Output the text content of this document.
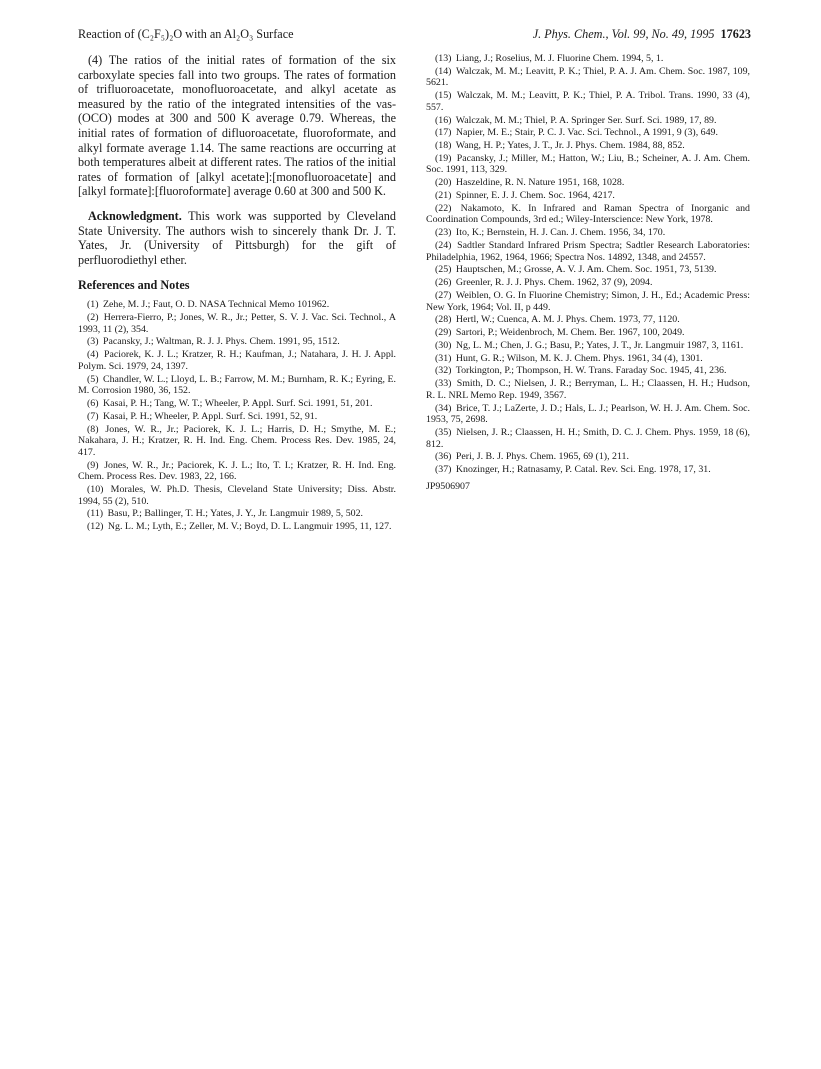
Reaction of (C₂F₅)₂O with an Al₂O₃ Surface	J. Phys. Chem., Vol. 99, No. 49, 1995 17623

(4) The ratios of the initial rates of formation of the six carboxylate species fall into two groups. The rates of formation of trifluoroacetate, monofluoroacetate, and alkyl acetate as measured by the ratio of the integrated intensities of the νas-(OCO) modes at 300 and 500 K average 0.79. Whereas, the initial rates of formation of difluoroacetate, fluoroformate, and alkyl formate average 1.14. The same reactions are occurring at both temperatures albeit at different rates. The ratios of the initial rates of formation of [alkyl acetate]:[monofluoroacetate] and [alkyl formate]:[fluoroformate] average 0.60 at 300 and 500 K.

Acknowledgment. This work was supported by Cleveland State University. The authors wish to sincerely thank Dr. J. T. Yates, Jr. (University of Pittsburgh) for the gift of perfluorodiethyl ether.

References and Notes

(1) Zehe, M. J.; Faut, O. D. NASA Technical Memo 101962.

(2) Herrera-Fierro, P.; Jones, W. R., Jr.; Petter, S. V. J. Vac. Sci. Technol., A 1993, 11 (2), 354.

(3) Pacansky, J.; Waltman, R. J. J. Phys. Chem. 1991, 95, 1512.

(4) Paciorek, K. J. L.; Kratzer, R. H.; Kaufman, J.; Natahara, J. H. J. Appl. Polym. Sci. 1979, 24, 1397.

(5) Chandler, W. L.; Lloyd, L. B.; Farrow, M. M.; Burnham, R. K.; Eyring, E. M. Corrosion 1980, 36, 152.

(6) Kasai, P. H.; Tang, W. T.; Wheeler, P. Appl. Surf. Sci. 1991, 51, 201.

(7) Kasai, P. H.; Wheeler, P. Appl. Surf. Sci. 1991, 52, 91.

(8) Jones, W. R., Jr.; Paciorek, K. J. L.; Harris, D. H.; Smythe, M. E.; Nakahara, J. H.; Kratzer, R. H. Ind. Eng. Chem. Process Res. Dev. 1985, 24, 417.

(9) Jones, W. R., Jr.; Paciorek, K. J. L.; Ito, T. I.; Kratzer, R. H. Ind. Eng. Chem. Process Res. Dev. 1983, 22, 166.

(10) Morales, W. Ph.D. Thesis, Cleveland State University; Diss. Abstr. 1994, 55 (2), 510.

(11) Basu, P.; Ballinger, T. H.; Yates, J. Y., Jr. Langmuir 1989, 5, 502.

(12) Ng. L. M.; Lyth, E.; Zeller, M. V.; Boyd, D. L. Langmuir 1995, 11, 127.

(13) Liang, J.; Roselius, M. J. Fluorine Chem. 1994, 5, 1.

(14) Walczak, M. M.; Leavitt, P. K.; Thiel, P. A. J. Am. Chem. Soc. 1987, 109, 5621.

(15) Walczak, M. M.; Leavitt, P. K.; Thiel, P. A. Tribol. Trans. 1990, 33 (4), 557.

(16) Walczak, M. M.; Thiel, P. A. Springer Ser. Surf. Sci. 1989, 17, 89.

(17) Napier, M. E.; Stair, P. C. J. Vac. Sci. Technol., A 1991, 9 (3), 649.

(18) Wang, H. P.; Yates, J. T., Jr. J. Phys. Chem. 1984, 88, 852.

(19) Pacansky, J.; Miller, M.; Hatton, W.; Liu, B.; Scheiner, A. J. Am. Chem. Soc. 1991, 113, 329.

(20) Haszeldine, R. N. Nature 1951, 168, 1028.

(21) Spinner, E. J. J. Chem. Soc. 1964, 4217.

(22) Nakamoto, K. In Infrared and Raman Spectra of Inorganic and Coordination Compounds, 3rd ed.; Wiley-Interscience: New York, 1978.

(23) Ito, K.; Bernstein, H. J. Can. J. Chem. 1956, 34, 170.

(24) Sadtler Standard Infrared Prism Spectra; Sadtler Research Laboratories: Philadelphia, 1962, 1964, 1966; Spectra Nos. 14892, 1348, and 24557.

(25) Hauptschen, M.; Grosse, A. V. J. Am. Chem. Soc. 1951, 73, 5139.

(26) Greenler, R. J. J. Phys. Chem. 1962, 37 (9), 2094.

(27) Weiblen, O. G. In Fluorine Chemistry; Simon, J. H., Ed.; Academic Press: New York, 1964; Vol. II, p 449.

(28) Hertl, W.; Cuenca, A. M. J. Phys. Chem. 1973, 77, 1120.

(29) Sartori, P.; Weidenbroch, M. Chem. Ber. 1967, 100, 2049.

(30) Ng, L. M.; Chen, J. G.; Basu, P.; Yates, J. T., Jr. Langmuir 1987, 3, 1161.

(31) Hunt, G. R.; Wilson, M. K. J. Chem. Phys. 1961, 34 (4), 1301.

(32) Torkington, P.; Thompson, H. W. Trans. Faraday Soc. 1945, 41, 236.

(33) Smith, D. C.; Nielsen, J. R.; Berryman, L. H.; Claassen, H. H.; Hudson, R. L. NRL Memo Rep. 1949, 3567.

(34) Brice, T. J.; LaZerte, J. D.; Hals, L. J.; Pearlson, W. H. J. Am. Chem. Soc. 1953, 75, 2698.

(35) Nielsen, J. R.; Claassen, H. H.; Smith, D. C. J. Chem. Phys. 1959, 18 (6), 812.

(36) Peri, J. B. J. Phys. Chem. 1965, 69 (1), 211.

(37) Knozinger, H.; Ratnasamy, P. Catal. Rev. Sci. Eng. 1978, 17, 31.

JP9506907
